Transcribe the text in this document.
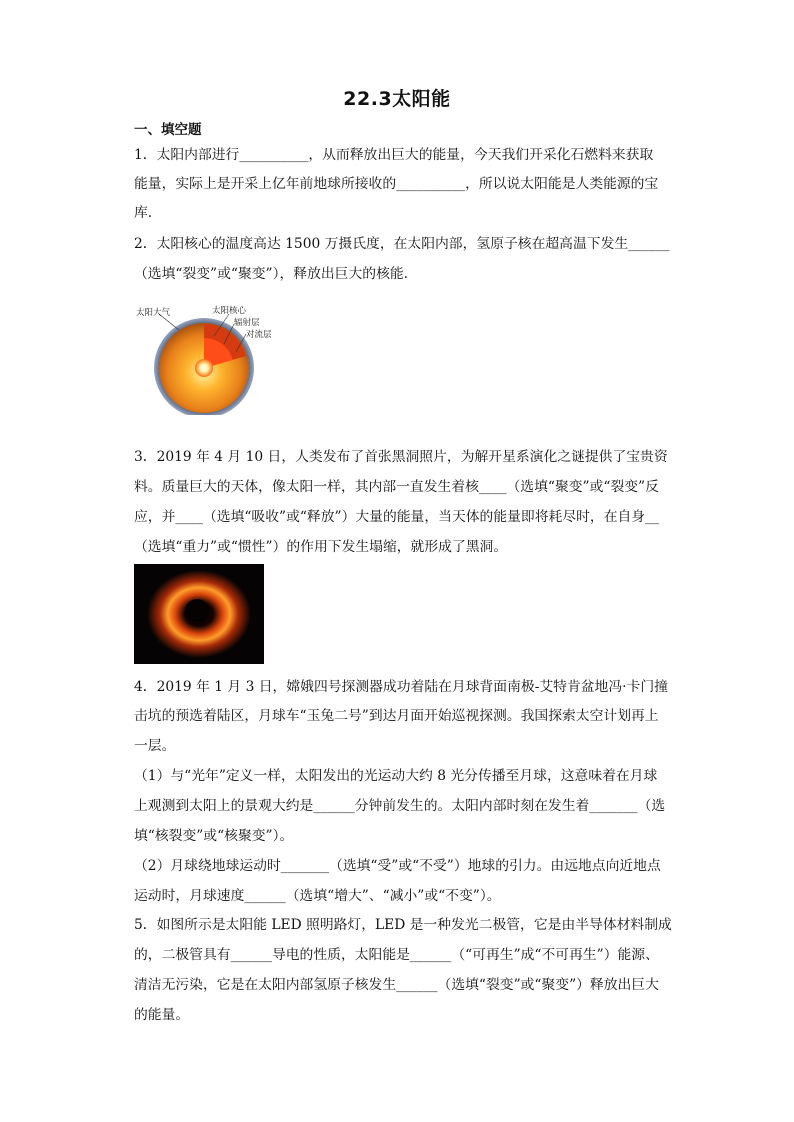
22.3太阳能
一、填空题
1．太阳内部进行__________，从而释放出巨大的能量，今天我们开采化石燃料来获取
能量，实际上是开采上亿年前地球所接收的__________，所以说太阳能是人类能源的宝
库.
2．太阳核心的温度高达 1500 万摄氏度，在太阳内部，氢原子核在超高温下发生______
（选填“裂变”或“聚变”），释放出巨大的核能.
太阳大气	太阳核心
辐射层
对流层
3．2019 年 4 月 10 日，人类发布了首张黑洞照片，为解开星系演化之谜提供了宝贵资
料。质量巨大的天体，像太阳一样，其内部一直发生着核____（选填“聚变”或“裂变”反
应，并____（选填“吸收”或“释放”）大量的能量，当天体的能量即将耗尽时，在自身__
（选填“重力”或“惯性”）的作用下发生塌缩，就形成了黑洞。
4．2019 年 1 月 3 日，嫦娥四号探测器成功着陆在月球背面南极-艾特肯盆地冯·卡门撞
击坑的预选着陆区，月球车“玉兔二号”到达月面开始巡视探测。我国探索太空计划再上
一层。
（1）与“光年”定义一样，太阳发出的光运动大约 8 光分传播至月球，这意味着在月球
上观测到太阳上的景观大约是______分钟前发生的。太阳内部时刻在发生着_______（选
填“核裂变”或“核聚变”）。
（2）月球绕地球运动时_______（选填“受”或“不受”）地球的引力。由远地点向近地点
运动时，月球速度______（选填“增大”、“减小”或“不变”）。
5．如图所示是太阳能 LED 照明路灯，LED 是一种发光二极管，它是由半导体材料制成
的，二极管具有______导电的性质，太阳能是______（“可再生”成“不可再生”）能源、
清洁无污染，它是在太阳内部氢原子核发生______（选填“裂变”或“聚变”）释放出巨大
的能量。
